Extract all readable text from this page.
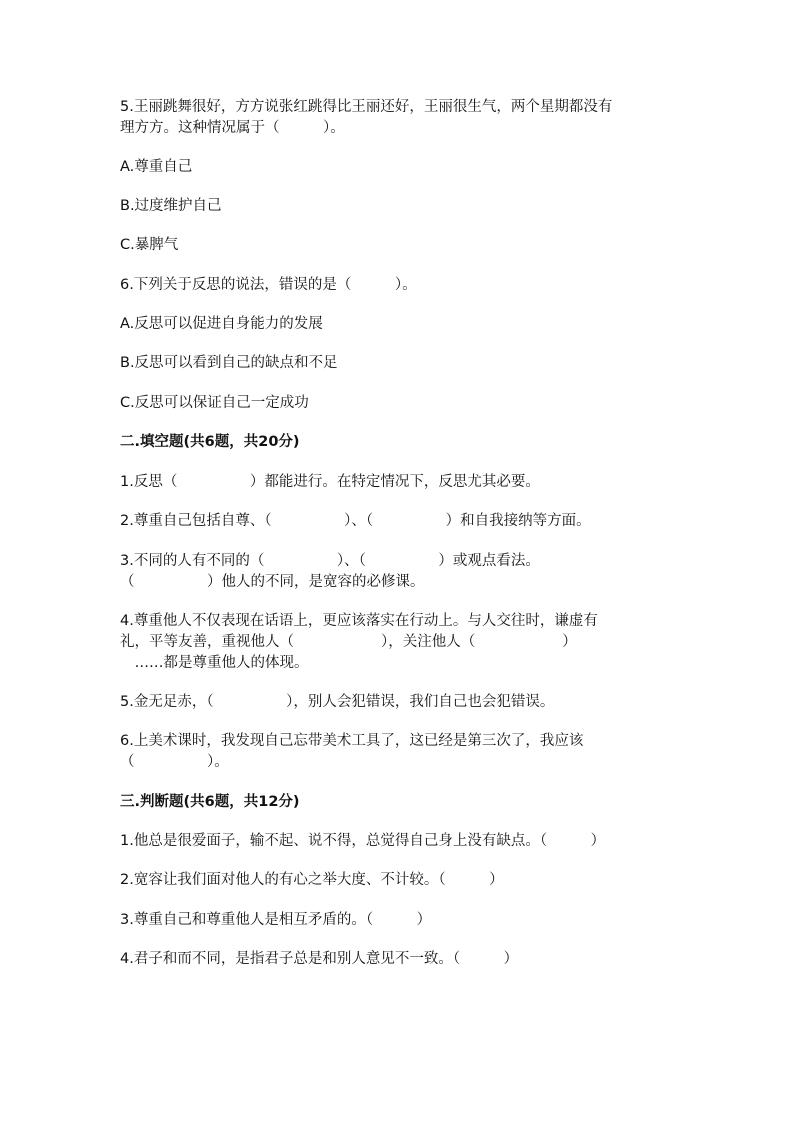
5.王丽跳舞很好，方方说张红跳得比王丽还好，王丽很生气，两个星期都没有
理方方。这种情况属于（　　　）。
A.尊重自己
B.过度维护自己
C.暴脾气
6.下列关于反思的说法，错误的是（　　　）。
A.反思可以促进自身能力的发展
B.反思可以看到自己的缺点和不足
C.反思可以保证自己一定成功
二.填空题(共6题，共20分)
1.反思（　　　　　）都能进行。在特定情况下，反思尤其必要。
2.尊重自己包括自尊、（　　　　　）、（　　　　　）和自我接纳等方面。
3.不同的人有不同的（　　　　　）、（　　　　　）或观点看法。
（　　　　　）他人的不同，是宽容的必修课。
4.尊重他人不仅表现在话语上，更应该落实在行动上。与人交往时，谦虚有
礼，平等友善，重视他人（　　　　　　），关注他人（　　　　　　）
　……都是尊重他人的体现。
5.金无足赤，（　　　　　），别人会犯错误，我们自己也会犯错误。
6.上美术课时，我发现自己忘带美术工具了，这已经是第三次了，我应该
（　　　　　）。
三.判断题(共6题，共12分)
1.他总是很爱面子，输不起、说不得，总觉得自己身上没有缺点。（　　　）
2.宽容让我们面对他人的有心之举大度、不计较。（　　　）
3.尊重自己和尊重他人是相互矛盾的。（　　　）
4.君子和而不同，是指君子总是和别人意见不一致。（　　　）
